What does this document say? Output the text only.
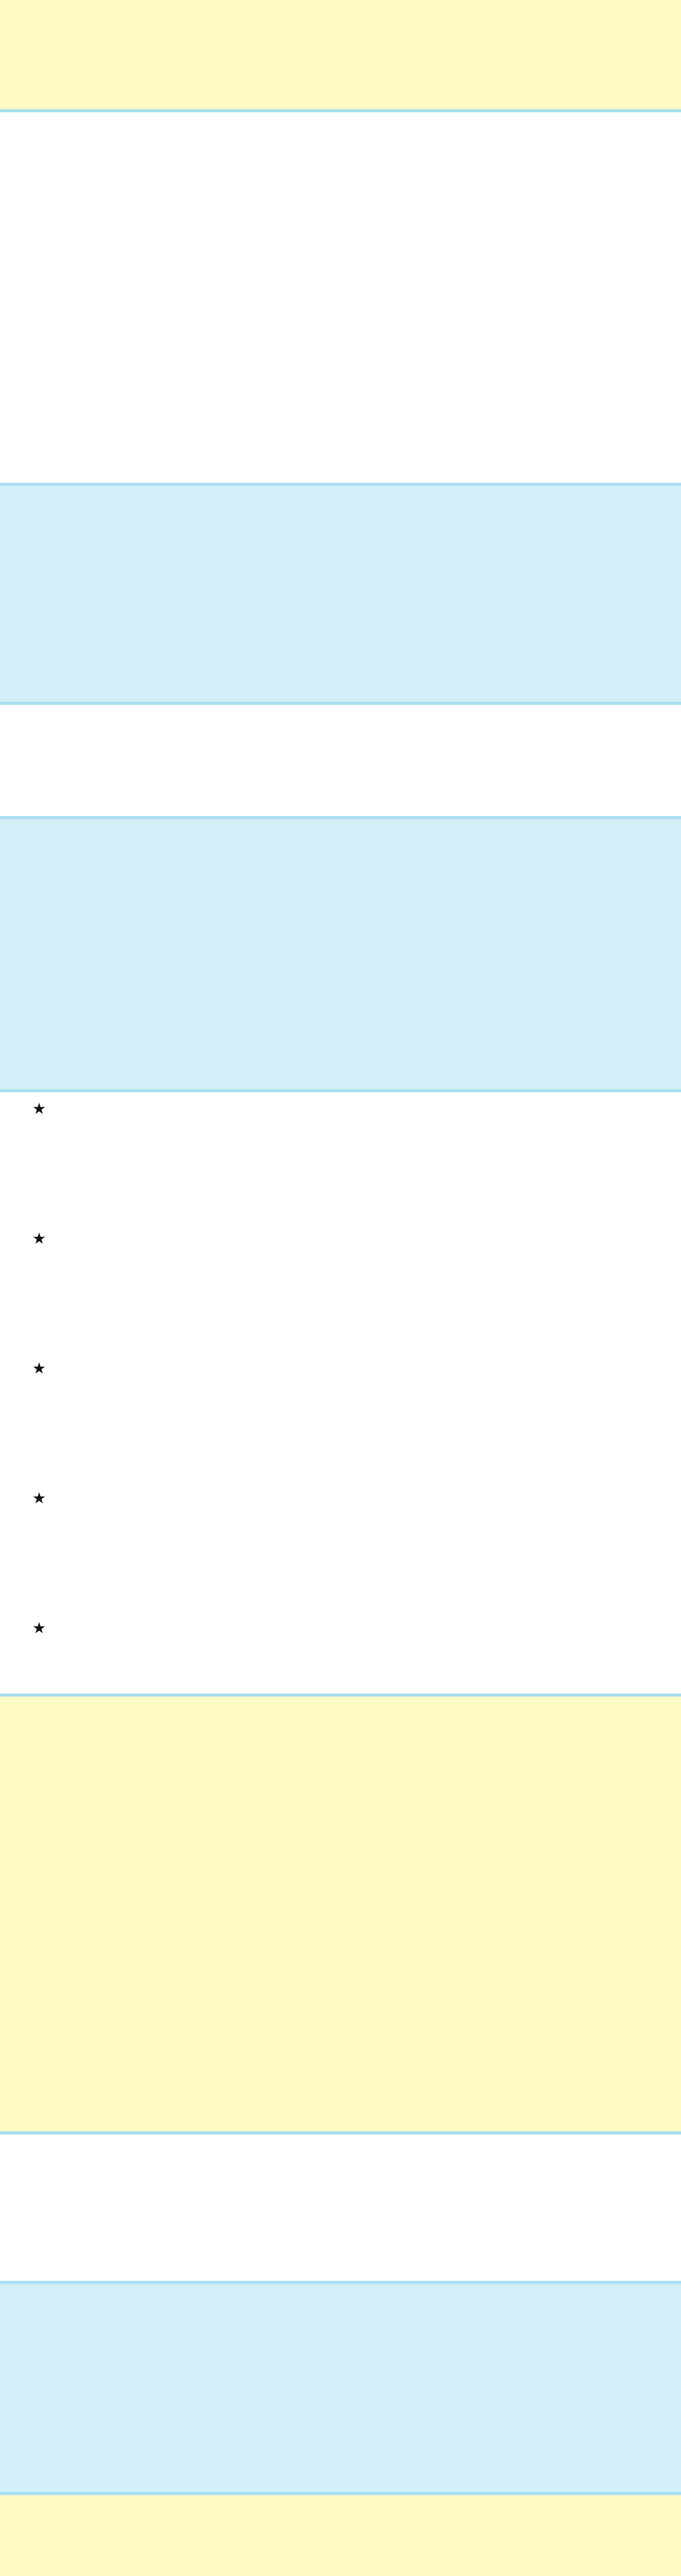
★

★

★

★

★
